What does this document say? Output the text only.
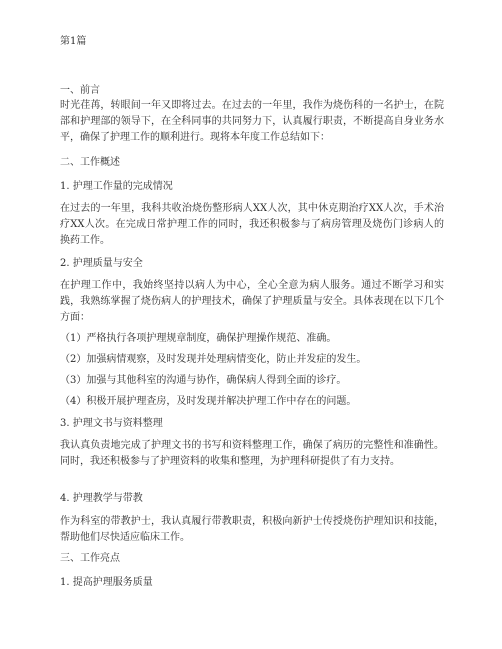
第1篇
一、前言
时光荏苒，转眼间一年又即将过去。在过去的一年里，我作为烧伤科的一名护士，在院部和护理部的领导下，在全科同事的共同努力下，认真履行职责，不断提高自身业务水平，确保了护理工作的顺利进行。现将本年度工作总结如下：
二、工作概述
1. 护理工作量的完成情况
在过去的一年里，我科共收治烧伤整形病人XX人次，其中休克期治疗XX人次，手术治疗XX人次。在完成日常护理工作的同时，我还积极参与了病房管理及烧伤门诊病人的换药工作。
2. 护理质量与安全
在护理工作中，我始终坚持以病人为中心，全心全意为病人服务。通过不断学习和实践，我熟练掌握了烧伤病人的护理技术，确保了护理质量与安全。具体表现在以下几个方面：
（1）严格执行各项护理规章制度，确保护理操作规范、准确。
（2）加强病情观察，及时发现并处理病情变化，防止并发症的发生。
（3）加强与其他科室的沟通与协作，确保病人得到全面的诊疗。
（4）积极开展护理查房，及时发现并解决护理工作中存在的问题。
3. 护理文书与资料整理
我认真负责地完成了护理文书的书写和资料整理工作，确保了病历的完整性和准确性。同时，我还积极参与了护理资料的收集和整理，为护理科研提供了有力支持。
4. 护理教学与带教
作为科室的带教护士，我认真履行带教职责，积极向新护士传授烧伤护理知识和技能，帮助他们尽快适应临床工作。
三、工作亮点
1. 提高护理服务质量
